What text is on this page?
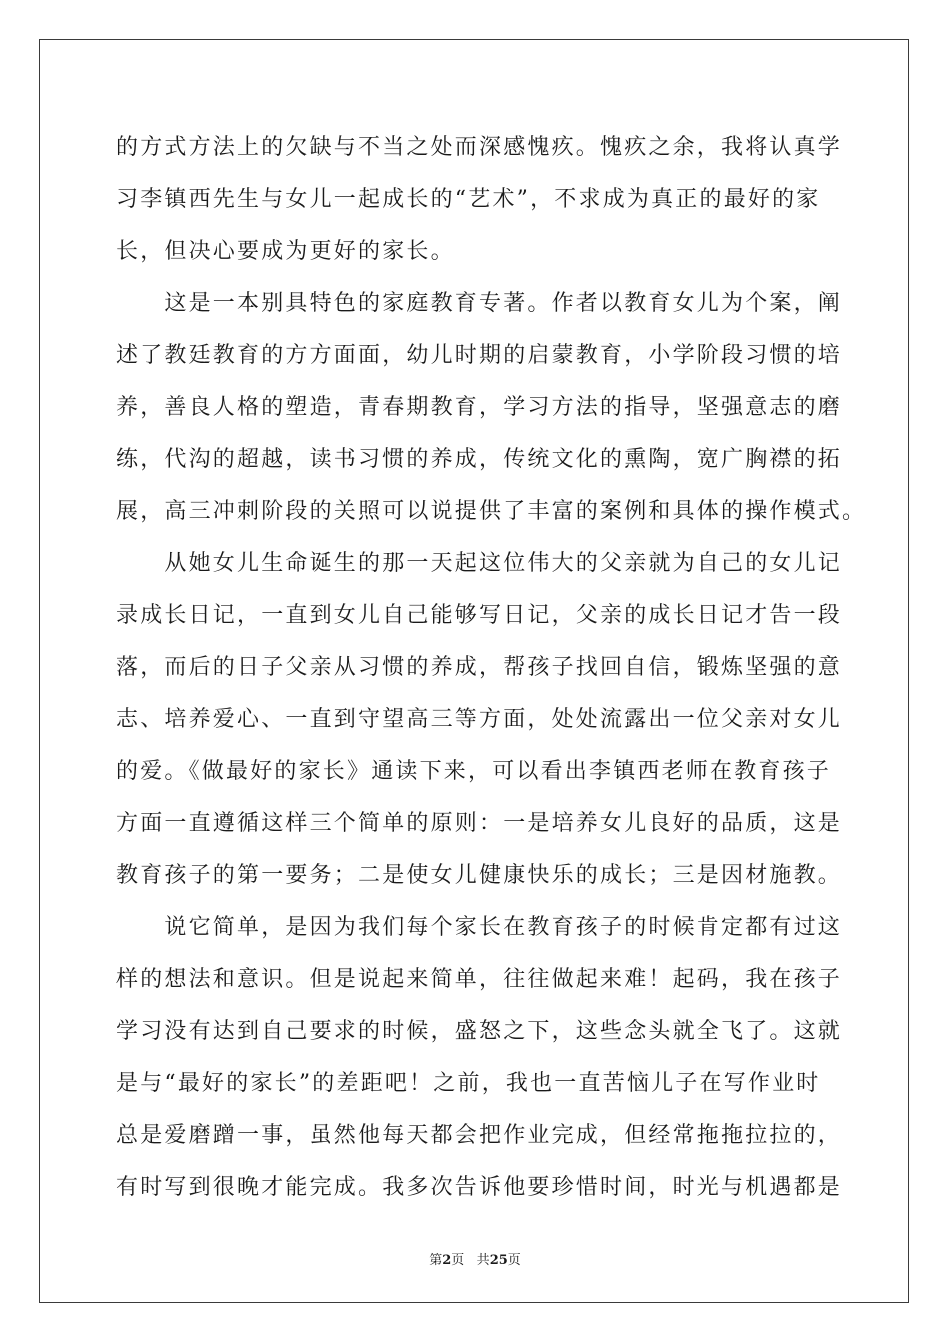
的方式方法上的欠缺与不当之处而深感愧疚。愧疚之余，我将认真学
习李镇西先生与女儿一起成长的“艺术”，不求成为真正的最好的家
长，但决心要成为更好的家长。
　　这是一本别具特色的家庭教育专著。作者以教育女儿为个案，阐
述了教廷教育的方方面面，幼儿时期的启蒙教育，小学阶段习惯的培
养，善良人格的塑造，青春期教育，学习方法的指导，坚强意志的磨
练，代沟的超越，读书习惯的养成，传统文化的熏陶，宽广胸襟的拓
展，高三冲刺阶段的关照可以说提供了丰富的案例和具体的操作模式。
　　从她女儿生命诞生的那一天起这位伟大的父亲就为自己的女儿记
录成长日记，一直到女儿自己能够写日记，父亲的成长日记才告一段
落，而后的日子父亲从习惯的养成，帮孩子找回自信，锻炼坚强的意
志、培养爱心、一直到守望高三等方面，处处流露出一位父亲对女儿
的爱。《做最好的家长》通读下来，可以看出李镇西老师在教育孩子
方面一直遵循这样三个简单的原则：一是培养女儿良好的品质，这是
教育孩子的第一要务；二是使女儿健康快乐的成长；三是因材施教。
　　说它简单，是因为我们每个家长在教育孩子的时候肯定都有过这
样的想法和意识。但是说起来简单，往往做起来难！起码，我在孩子
学习没有达到自己要求的时候，盛怒之下，这些念头就全飞了。这就
是与“最好的家长”的差距吧！之前，我也一直苦恼儿子在写作业时
总是爱磨蹭一事，虽然他每天都会把作业完成，但经常拖拖拉拉的，
有时写到很晚才能完成。我多次告诉他要珍惜时间，时光与机遇都是
第2页 共25页
